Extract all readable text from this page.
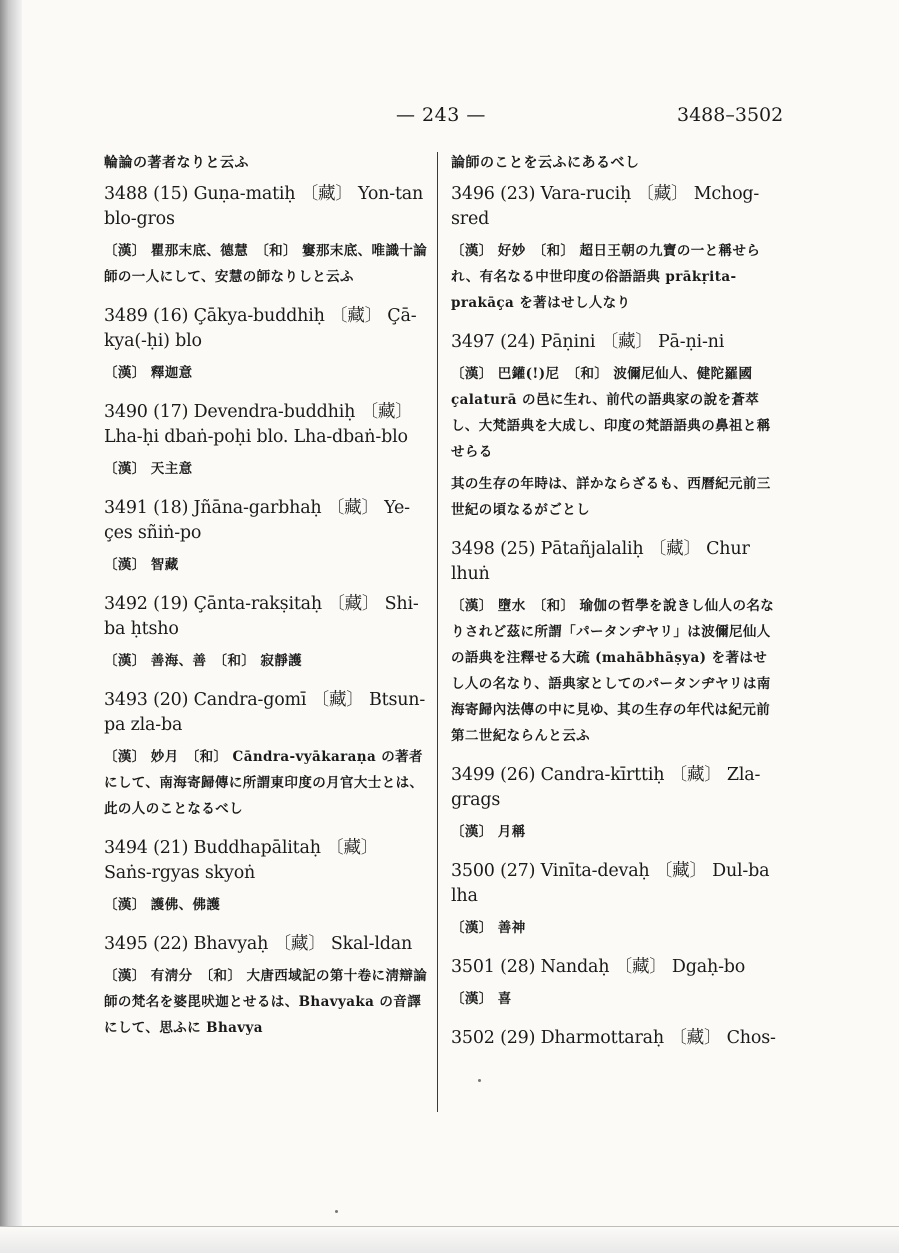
— 243 —	3488–3502
輪論の著者なりと云ふ
3488 (15) Guṇa-matiḥ 〔藏〕 Yon-tan blo-gros
〔漢〕 瞿那末底、德慧　〔和〕 窶那末底、唯識十論師の一人にして、安慧の師なりしと云ふ
3489 (16) Çākya-buddhiḥ 〔藏〕 Çā-kya(-ḥi) blo
〔漢〕 釋迦意
3490 (17) Devendra-buddhiḥ 〔藏〕 Lha-ḥi dbaṅ-poḥi blo. Lha-dbaṅ-blo
〔漢〕 天主意
3491 (18) Jñāna-garbhaḥ 〔藏〕 Ye-çes sñiṅ-po
〔漢〕 智藏
3492 (19) Çānta-rakṣitaḥ 〔藏〕 Shi-ba ḥtsho
〔漢〕 善海、善　〔和〕 寂靜護
3493 (20) Candra-gomī 〔藏〕 Btsun-pa zla-ba
〔漢〕 妙月　〔和〕 Cāndra-vyākaraṇa の著者にして、南海寄歸傳に所謂東印度の月官大士とは、此の人のことなるべし
3494 (21) Buddhapālitaḥ 〔藏〕 Saṅs-rgyas skyoṅ
〔漢〕 護佛、佛護
3495 (22) Bhavyaḥ 〔藏〕 Skal-ldan
〔漢〕 有淸分　〔和〕 大唐西域記の第十卷に淸辯論師の梵名を婆毘吠迦とせるは、Bhavyaka の音譯にして、思ふに Bhavya
論師のことを云ふにあるべし
3496 (23) Vara-ruciḥ 〔藏〕 Mchog-sred
〔漢〕 好妙　〔和〕 超日王朝の九寶の一と稱せられ、有名なる中世印度の俗語語典 prākṛita-prakāça を著はせし人なり
3497 (24) Pāṇini 〔藏〕 Pā-ṇi-ni
〔漢〕 巴鑵(!)尼　〔和〕 波儞尼仙人、健陀羅國 çalaturā の邑に生れ、前代の語典家の說を蒼萃し、大梵語典を大成し、印度の梵語語典の鼻祖と稱せらる
其の生存の年時は、詳かならざるも、西曆紀元前三世紀の頃なるがごとし
3498 (25) Pātañjalaliḥ 〔藏〕 Chur lhuṅ
〔漢〕 墮水　〔和〕 瑜伽の哲學を說きし仙人の名なりされど茲に所謂「パータンヂヤリ」は波儞尼仙人の語典を注釋せる大疏 (mahābhāṣya) を著はせし人の名なり、語典家としてのパータンヂヤリは南海寄歸內法傳の中に見ゆ、其の生存の年代は紀元前第二世紀ならんと云ふ
3499 (26) Candra-kīrttiḥ 〔藏〕 Zla-grags
〔漢〕 月稱
3500 (27) Vinīta-devaḥ 〔藏〕 Dul-ba lha
〔漢〕 善神
3501 (28) Nandaḥ 〔藏〕 Dgaḥ-bo
〔漢〕 喜
3502 (29) Dharmottaraḥ 〔藏〕 Chos-
